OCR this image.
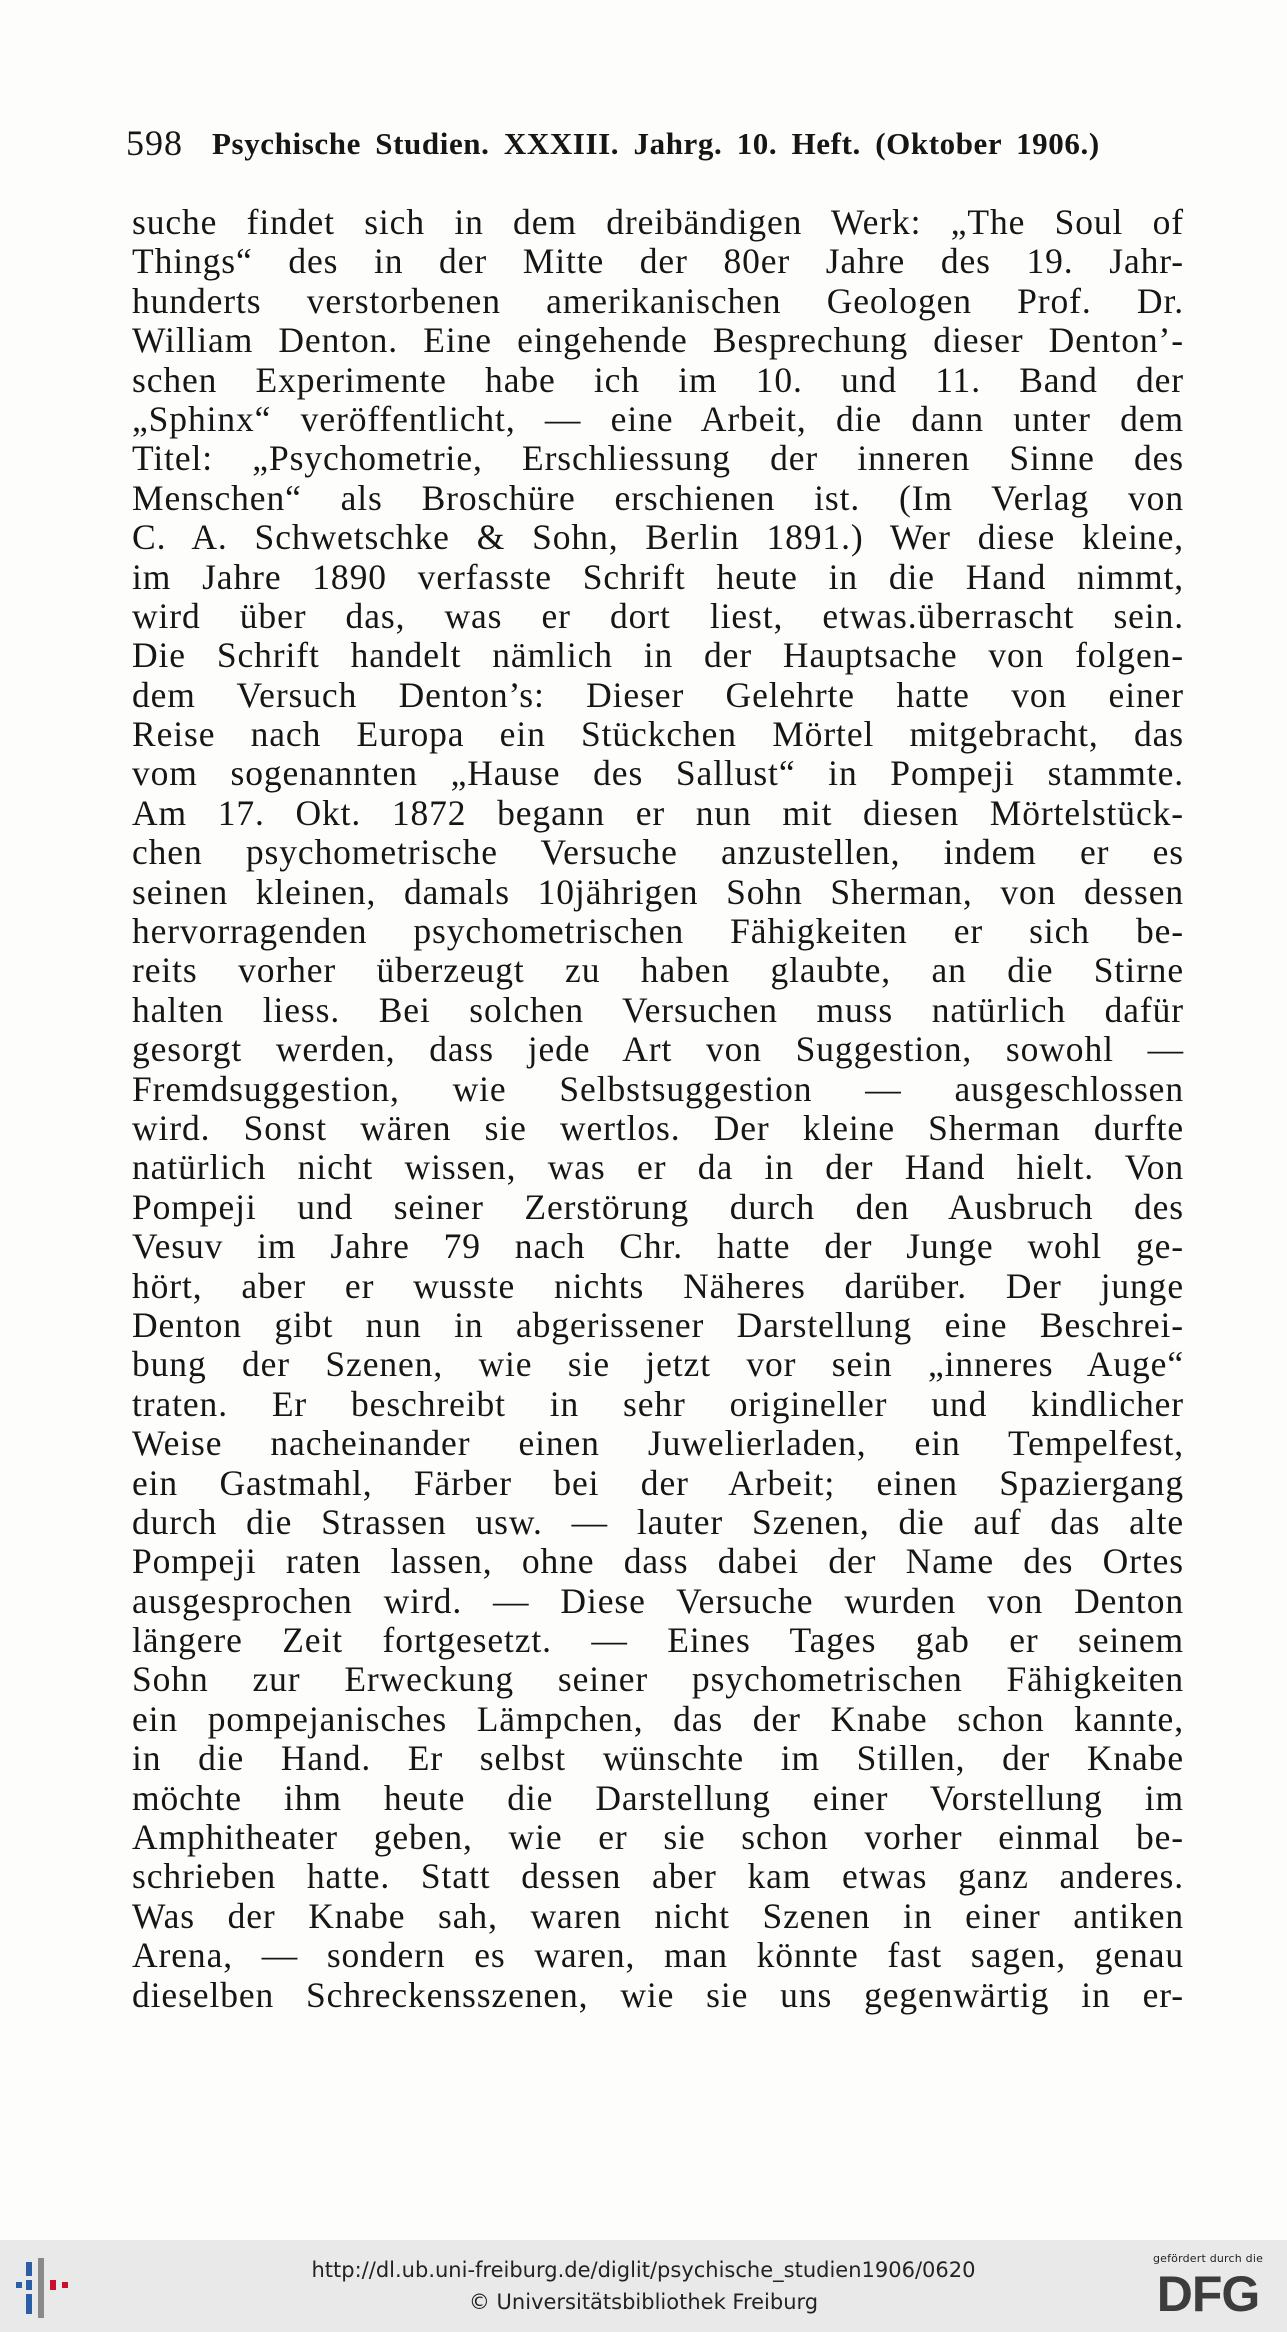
598 Psychische Studien. XXXIII. Jahrg. 10. Heft. (Oktober 1906.)
suche findet sich in dem dreibändigen Werk: „The Soul of
Things“ des in der Mitte der 80er Jahre des 19. Jahr-
hunderts verstorbenen amerikanischen Geologen Prof. Dr.
William Denton. Eine eingehende Besprechung dieser Denton’-
schen Experimente habe ich im 10. und 11. Band der
„Sphinx“ veröffentlicht, — eine Arbeit, die dann unter dem
Titel: „Psychometrie, Erschliessung der inneren Sinne des
Menschen“ als Broschüre erschienen ist. (Im Verlag von
C. A. Schwetschke & Sohn, Berlin 1891.) Wer diese kleine,
im Jahre 1890 verfasste Schrift heute in die Hand nimmt,
wird über das, was er dort liest, etwas.überrascht sein.
Die Schrift handelt nämlich in der Hauptsache von folgen-
dem Versuch Denton’s: Dieser Gelehrte hatte von einer
Reise nach Europa ein Stückchen Mörtel mitgebracht, das
vom sogenannten „Hause des Sallust“ in Pompeji stammte.
Am 17. Okt. 1872 begann er nun mit diesen Mörtelstück-
chen psychometrische Versuche anzustellen, indem er es
seinen kleinen, damals 10jährigen Sohn Sherman, von dessen
hervorragenden psychometrischen Fähigkeiten er sich be-
reits vorher überzeugt zu haben glaubte, an die Stirne
halten liess. Bei solchen Versuchen muss natürlich dafür
gesorgt werden, dass jede Art von Suggestion, sowohl —
Fremdsuggestion, wie Selbstsuggestion — ausgeschlossen
wird. Sonst wären sie wertlos. Der kleine Sherman durfte
natürlich nicht wissen, was er da in der Hand hielt. Von
Pompeji und seiner Zerstörung durch den Ausbruch des
Vesuv im Jahre 79 nach Chr. hatte der Junge wohl ge-
hört, aber er wusste nichts Näheres darüber. Der junge
Denton gibt nun in abgerissener Darstellung eine Beschrei-
bung der Szenen, wie sie jetzt vor sein „inneres Auge“
traten. Er beschreibt in sehr origineller und kindlicher
Weise nacheinander einen Juwelierladen, ein Tempelfest,
ein Gastmahl, Färber bei der Arbeit; einen Spaziergang
durch die Strassen usw. — lauter Szenen, die auf das alte
Pompeji raten lassen, ohne dass dabei der Name des Ortes
ausgesprochen wird. — Diese Versuche wurden von Denton
längere Zeit fortgesetzt. — Eines Tages gab er seinem
Sohn zur Erweckung seiner psychometrischen Fähigkeiten
ein pompejanisches Lämpchen, das der Knabe schon kannte,
in die Hand. Er selbst wünschte im Stillen, der Knabe
möchte ihm heute die Darstellung einer Vorstellung im
Amphitheater geben, wie er sie schon vorher einmal be-
schrieben hatte. Statt dessen aber kam etwas ganz anderes.
Was der Knabe sah, waren nicht Szenen in einer antiken
Arena, — sondern es waren, man könnte fast sagen, genau
dieselben Schreckensszenen, wie sie uns gegenwärtig in er-
http://dl.ub.uni-freiburg.de/diglit/psychische_studien1906/0620
© Universitätsbibliothek Freiburg
gefördert durch die
DFG
